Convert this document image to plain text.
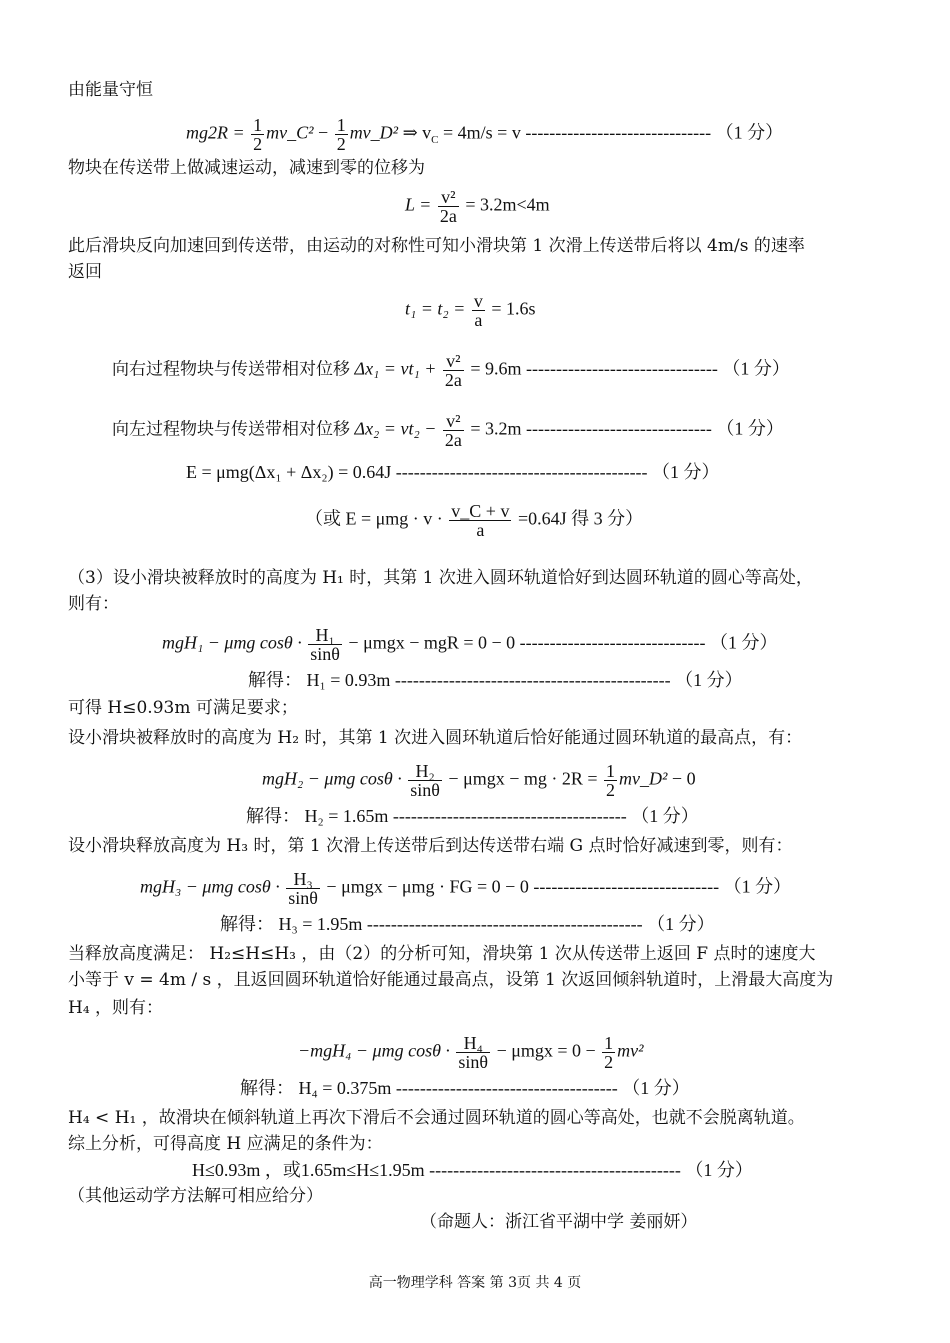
由能量守恒
$mg2R = \frac{1}{2}$ mv_C² − $\frac{1}{2}$ mv_D² ⇒ $v_C = 4m/s = v$ ------------------------------- （1 分）
物块在传送带上做减速运动，减速到零的位移为
$L = \frac{\text{v²}}{2a} = 3.2m<4m$
此后滑块反向加速回到传送带，由运动的对称性可知小滑块第 1 次滑上传送带后将以 4m/s 的速率
返回
$t_1 = t_2 = \frac{v}{a} = 1.6s$
向右过程物块与传送带相对位移 $\Delta x_1 = vt_1 + \frac{\text{v²}}{2a} = 9.6m$ -------------------------------- （1 分）
向左过程物块与传送带相对位移 $\Delta x_2 = vt_2 - \frac{\text{v²}}{2a} = 3.2m$ ------------------------------- （1 分）
E = μmg(Δx₁ + Δx₂) = 0.64J ------------------------------------------ （1 分）
（或 $E = \mu mg \cdot v \cdot \frac{v\_C + v}{a} =0.64J$ 得 3 分）
（3）设小滑块被释放时的高度为 H₁ 时，其第 1 次进入圆环轨道恰好到达圆环轨道的圆心等高处，
则有：
mgH₁ − μmg $\cos\theta \cdot \frac{\text{H₁}}{\sin\theta} - \mu mgx$ − mgR = 0 − 0 ------------------------------- （1 分）
解得： H₁ = 0.93m ---------------------------------------------- （1 分）
可得 H≤0.93m 可满足要求；
设小滑块被释放时的高度为 H₂ 时，其第 1 次进入圆环轨道后恰好能通过圆环轨道的最高点，有：
mgH₂ − μmg $\cos\theta \cdot \frac{\text{H₂}}{\sin\theta} - \mu mgx$ − mg · $2R = \frac{1}{2}$ mv_D² − 0
解得： H₂ = 1.65m --------------------------------------- （1 分）
设小滑块释放高度为 H₃ 时，第 1 次滑上传送带后到达传送带右端 G 点时恰好减速到零，则有：
mgH₃ − μmg $\cos\theta \cdot \frac{\text{H₃}}{\sin\theta} - \mu mgx - \mu mg$ · FG = 0 − 0 ------------------------------- （1 分）
解得： H₃ = 1.95m ---------------------------------------------- （1 分）
当释放高度满足： H₂≤H≤H₃ ，由（2）的分析可知，滑块第 1 次从传送带上返回 F 点时的速度大
小等于 v = 4m / s ，且返回圆环轨道恰好能通过最高点，设第 1 次返回倾斜轨道时，上滑最大高度为
H₄ ，则有：
−mgH₄ − μmg $\cos\theta \cdot \frac{\text{H₄}}{\sin\theta} - \mu mgx = 0 - \frac{1}{2} mv^2$
解得： H₄ = 0.375m ------------------------------------- （1 分）
H₄ < H₁ ，故滑块在倾斜轨道上再次下滑后不会通过圆环轨道的圆心等高处，也就不会脱离轨道。
综上分析，可得高度 H 应满足的条件为：
H≤0.93m ，或1.65m≤H≤1.95m ------------------------------------------ （1 分）
（其他运动学方法解可相应给分）
（命题人：浙江省平湖中学 姜丽妍）
高一物理学科 答案 第 3页 共 4 页
